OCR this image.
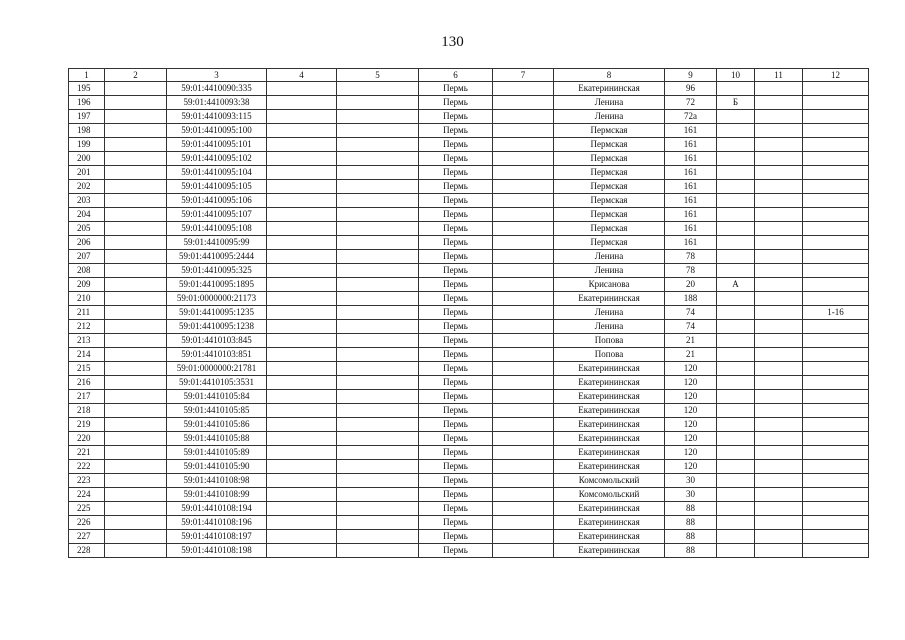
130
1	2	3	4	5	6	7	8	9	10	11	12
195		59:01:4410090:335			Пермь		Екатерининская	96			
196		59:01:4410093:38			Пермь		Ленина	72	Б		
197		59:01:4410093:115			Пермь		Ленина	72а			
198		59:01:4410095:100			Пермь		Пермская	161			
199		59:01:4410095:101			Пермь		Пермская	161			
200		59:01:4410095:102			Пермь		Пермская	161			
201		59:01:4410095:104			Пермь		Пермская	161			
202		59:01:4410095:105			Пермь		Пермская	161			
203		59:01:4410095:106			Пермь		Пермская	161			
204		59:01:4410095:107			Пермь		Пермская	161			
205		59:01:4410095:108			Пермь		Пермская	161			
206		59:01:4410095:99			Пермь		Пермская	161			
207		59:01:4410095:2444			Пермь		Ленина	78			
208		59:01:4410095:325			Пермь		Ленина	78			
209		59:01:4410095:1895			Пермь		Крисанова	20	А		
210		59:01:0000000:21173			Пермь		Екатерининская	188			
211		59:01:4410095:1235			Пермь		Ленина	74			1-16
212		59:01:4410095:1238			Пермь		Ленина	74			
213		59:01:4410103:845			Пермь		Попова	21			
214		59:01:4410103:851			Пермь		Попова	21			
215		59:01:0000000:21781			Пермь		Екатерининская	120			
216		59:01:4410105:3531			Пермь		Екатерининская	120			
217		59:01:4410105:84			Пермь		Екатерининская	120			
218		59:01:4410105:85			Пермь		Екатерининская	120			
219		59:01:4410105:86			Пермь		Екатерининская	120			
220		59:01:4410105:88			Пермь		Екатерининская	120			
221		59:01:4410105:89			Пермь		Екатерининская	120			
222		59:01:4410105:90			Пермь		Екатерининская	120			
223		59:01:4410108:98			Пермь		Комсомольский	30			
224		59:01:4410108:99			Пермь		Комсомольский	30			
225		59:01:4410108:194			Пермь		Екатерининская	88			
226		59:01:4410108:196			Пермь		Екатерининская	88			
227		59:01:4410108:197			Пермь		Екатерининская	88			
228		59:01:4410108:198			Пермь		Екатерининская	88			
